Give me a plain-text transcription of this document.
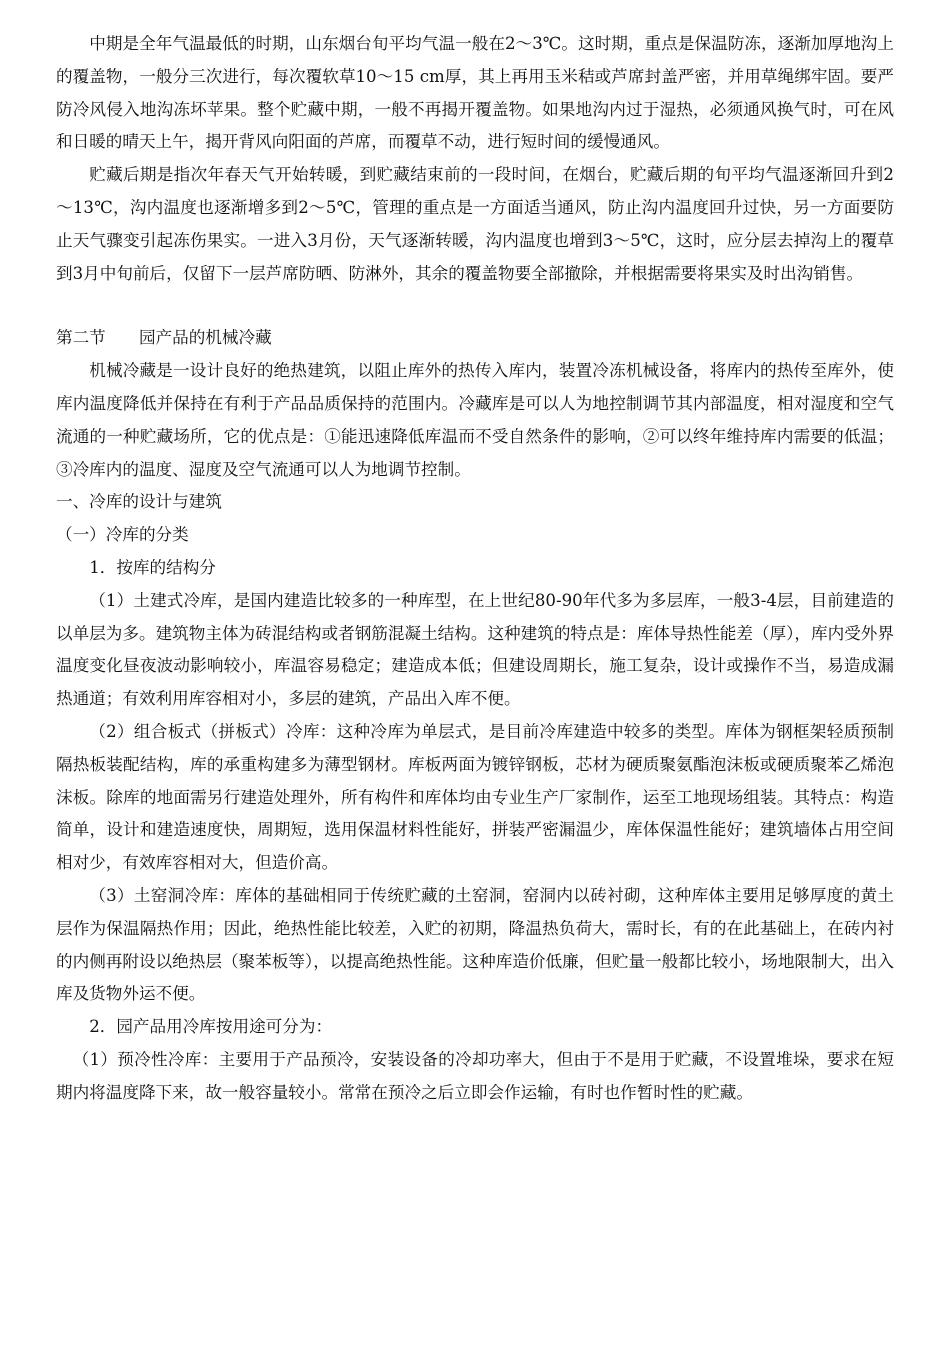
中期是全年气温最低的时期，山东烟台旬平均气温一般在2～3℃。这时期，重点是保温防冻，逐渐加厚地沟上的覆盖物，一般分三次进行，每次覆软草10～15 cm厚，其上再用玉米秸或芦席封盖严密，并用草绳绑牢固。要严防冷风侵入地沟冻坏苹果。整个贮藏中期，一般不再揭开覆盖物。如果地沟内过于湿热，必须通风换气时，可在风和日暖的晴天上午，揭开背风向阳面的芦席，而覆草不动，进行短时间的缓慢通风。

贮藏后期是指次年春天气开始转暖，到贮藏结束前的一段时间，在烟台，贮藏后期的旬平均气温逐渐回升到2～13℃，沟内温度也逐渐增多到2～5℃，管理的重点是一方面适当通风，防止沟内温度回升过快，另一方面要防止天气骤变引起冻伤果实。一进入3月份，天气逐渐转暖，沟内温度也增到3～5℃，这时，应分层去掉沟上的覆草到3月中旬前后，仅留下一层芦席防晒、防淋外，其余的覆盖物要全部撤除，并根据需要将果实及时出沟销售。

第二节　　园产品的机械冷藏

机械冷藏是一设计良好的绝热建筑，以阻止库外的热传入库内，装置冷冻机械设备，将库内的热传至库外，使库内温度降低并保持在有利于产品品质保持的范围内。冷藏库是可以人为地控制调节其内部温度，相对湿度和空气流通的一种贮藏场所，它的优点是：①能迅速降低库温而不受自然条件的影响，②可以终年维持库内需要的低温；③冷库内的温度、湿度及空气流通可以人为地调节控制。

一、冷库的设计与建筑

（一）冷库的分类

1．按库的结构分

（1）土建式冷库，是国内建造比较多的一种库型，在上世纪80-90年代多为多层库，一般3-4层，目前建造的以单层为多。建筑物主体为砖混结构或者钢筋混凝土结构。这种建筑的特点是：库体导热性能差（厚），库内受外界温度变化昼夜波动影响较小，库温容易稳定；建造成本低；但建设周期长，施工复杂，设计或操作不当，易造成漏热通道；有效利用库容相对小，多层的建筑，产品出入库不便。

（2）组合板式（拼板式）冷库：这种冷库为单层式，是目前冷库建造中较多的类型。库体为钢框架轻质预制隔热板装配结构，库的承重构建多为薄型钢材。库板两面为镀锌钢板，芯材为硬质聚氨酯泡沫板或硬质聚苯乙烯泡沫板。除库的地面需另行建造处理外，所有构件和库体均由专业生产厂家制作，运至工地现场组装。其特点：构造简单，设计和建造速度快，周期短，选用保温材料性能好，拼装严密漏温少，库体保温性能好；建筑墙体占用空间相对少，有效库容相对大，但造价高。

（3）土窑洞冷库：库体的基础相同于传统贮藏的土窑洞，窑洞内以砖衬砌，这种库体主要用足够厚度的黄土层作为保温隔热作用；因此，绝热性能比较差，入贮的初期，降温热负荷大，需时长，有的在此基础上，在砖内衬的内侧再附设以绝热层（聚苯板等），以提高绝热性能。这种库造价低廉，但贮量一般都比较小，场地限制大，出入库及货物外运不便。

2．园产品用冷库按用途可分为：

（1）预冷性冷库：主要用于产品预冷，安装设备的冷却功率大，但由于不是用于贮藏，不设置堆垛，要求在短期内将温度降下来，故一般容量较小。常常在预冷之后立即会作运输，有时也作暂时性的贮藏。
